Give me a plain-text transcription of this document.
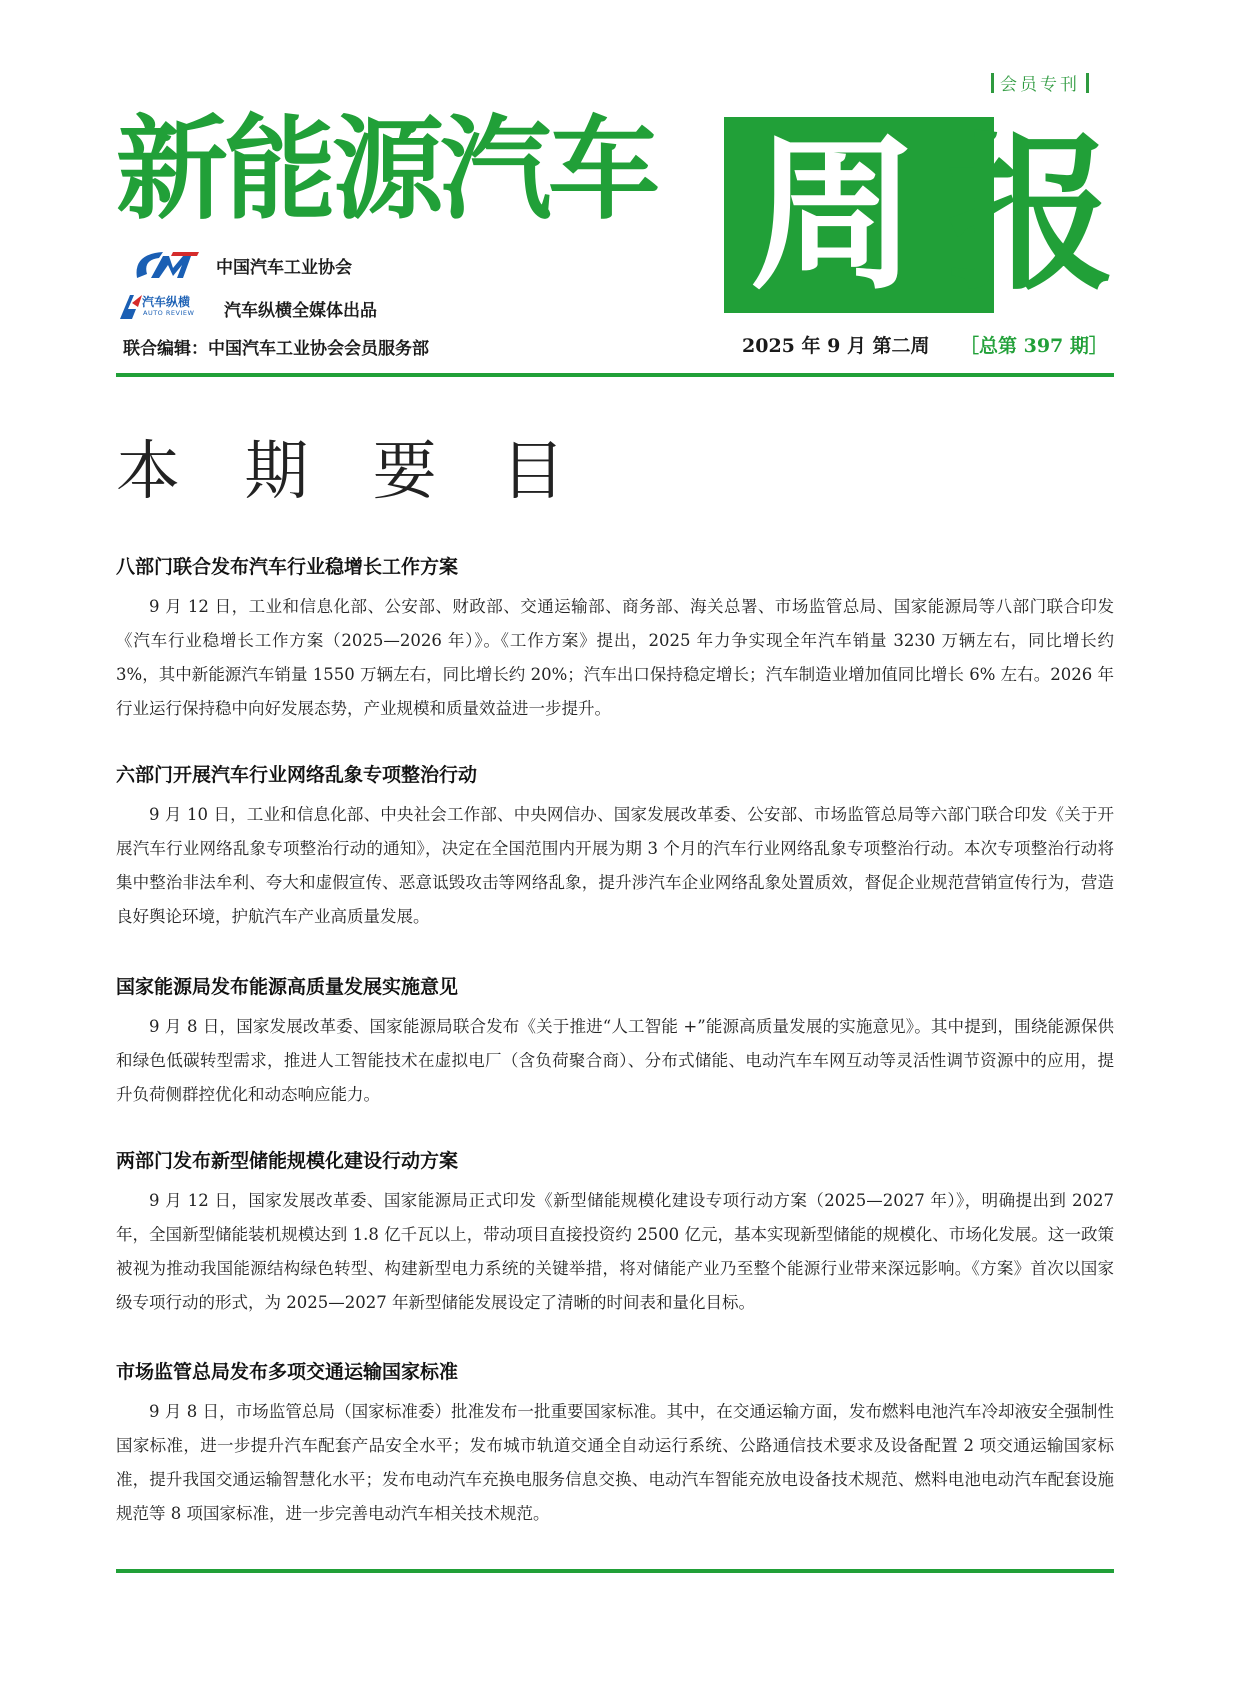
会员专刊
新能源汽车 周 报
中国汽车工业协会
汽车纵横
AUTO REVIEW 汽车纵横全媒体出品
联合编辑：中国汽车工业协会会员服务部	2025 年 9 月 第二周 ［总第 397 期］
本 期 要 目
八部门联合发布汽车行业稳增长工作方案

9 月 12 日，工业和信息化部、公安部、财政部、交通运输部、商务部、海关总署、市场监管总局、国家能源局等八部门联合印发《汽车行业稳增长工作方案（2025—2026 年）》。《工作方案》提出，2025 年力争实现全年汽车销量 3230 万辆左右，同比增长约 3%，其中新能源汽车销量 1550 万辆左右，同比增长约 20%；汽车出口保持稳定增长；汽车制造业增加值同比增长 6% 左右。2026 年行业运行保持稳中向好发展态势，产业规模和质量效益进一步提升。

六部门开展汽车行业网络乱象专项整治行动

9 月 10 日，工业和信息化部、中央社会工作部、中央网信办、国家发展改革委、公安部、市场监管总局等六部门联合印发《关于开展汽车行业网络乱象专项整治行动的通知》，决定在全国范围内开展为期 3 个月的汽车行业网络乱象专项整治行动。本次专项整治行动将集中整治非法牟利、夸大和虚假宣传、恶意诋毁攻击等网络乱象，提升涉汽车企业网络乱象处置质效，督促企业规范营销宣传行为，营造良好舆论环境，护航汽车产业高质量发展。

国家能源局发布能源高质量发展实施意见

9 月 8 日，国家发展改革委、国家能源局联合发布《关于推进“人工智能 +”能源高质量发展的实施意见》。其中提到，围绕能源保供和绿色低碳转型需求，推进人工智能技术在虚拟电厂（含负荷聚合商）、分布式储能、电动汽车车网互动等灵活性调节资源中的应用，提升负荷侧群控优化和动态响应能力。

两部门发布新型储能规模化建设行动方案

9 月 12 日，国家发展改革委、国家能源局正式印发《新型储能规模化建设专项行动方案（2025—2027 年）》，明确提出到 2027 年，全国新型储能装机规模达到 1.8 亿千瓦以上，带动项目直接投资约 2500 亿元，基本实现新型储能的规模化、市场化发展。这一政策被视为推动我国能源结构绿色转型、构建新型电力系统的关键举措，将对储能产业乃至整个能源行业带来深远影响。《方案》首次以国家级专项行动的形式，为 2025—2027 年新型储能发展设定了清晰的时间表和量化目标。

市场监管总局发布多项交通运输国家标准

9 月 8 日，市场监管总局（国家标准委）批准发布一批重要国家标准。其中，在交通运输方面，发布燃料电池汽车冷却液安全强制性国家标准，进一步提升汽车配套产品安全水平；发布城市轨道交通全自动运行系统、公路通信技术要求及设备配置 2 项交通运输国家标准，提升我国交通运输智慧化水平；发布电动汽车充换电服务信息交换、电动汽车智能充放电设备技术规范、燃料电池电动汽车配套设施规范等 8 项国家标准，进一步完善电动汽车相关技术规范。
